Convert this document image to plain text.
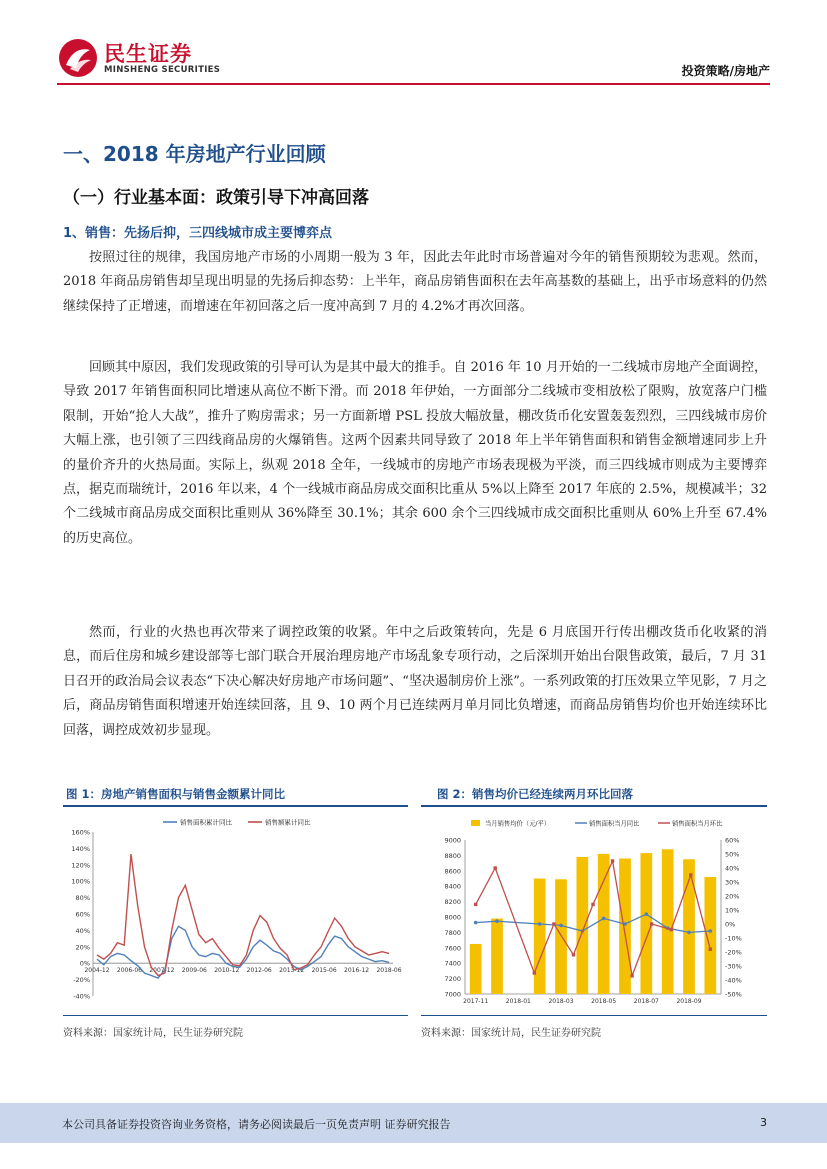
民生证券
MINSHENG SECURITIES	投资策略/房地产
一、2018 年房地产行业回顾
（一）行业基本面：政策引导下冲高回落
1、销售：先扬后抑，三四线城市成主要博弈点

按照过往的规律，我国房地产市场的小周期一般为 3 年，因此去年此时市场普遍对今年的销售预期较为悲观。然而，2018 年商品房销售却呈现出明显的先扬后抑态势：上半年，商品房销售面积在去年高基数的基础上，出乎市场意料的仍然继续保持了正增速，而增速在年初回落之后一度冲高到 7 月的 4.2%才再次回落。

回顾其中原因，我们发现政策的引导可认为是其中最大的推手。自 2016 年 10 月开始的一二线城市房地产全面调控，导致 2017 年销售面积同比增速从高位不断下滑。而 2018 年伊始，一方面部分二线城市变相放松了限购，放宽落户门槛限制，开始“抢人大战”，推升了购房需求；另一方面新增 PSL 投放大幅放量，棚改货币化安置轰轰烈烈，三四线城市房价大幅上涨，也引领了三四线商品房的火爆销售。这两个因素共同导致了 2018 年上半年销售面积和销售金额增速同步上升的量价齐升的火热局面。实际上，纵观 2018 全年，一线城市的房地产市场表现极为平淡，而三四线城市则成为主要博弈点，据克而瑞统计，2016 年以来，4 个一线城市商品房成交面积比重从 5%以上降至 2017 年底的 2.5%，规模减半；32 个二线城市商品房成交面积比重则从 36%降至 30.1%；其余 600 余个三四线城市成交面积比重则从 60%上升至 67.4%的历史高位。

然而，行业的火热也再次带来了调控政策的收紧。年中之后政策转向，先是 6 月底国开行传出棚改货币化收紧的消息，而后住房和城乡建设部等七部门联合开展治理房地产市场乱象专项行动，之后深圳开始出台限售政策，最后，7 月 31 日召开的政治局会议表态“下决心解决好房地产市场问题”、“坚决遏制房价上涨”。一系列政策的打压效果立竿见影，7 月之后，商品房销售面积增速开始连续回落，且 9、10 两个月已连续两月单月同比负增速，而商品房销售均价也开始连续环比回落，调控成效初步显现。

图 1：房地产销售面积与销售金额累计同比
-40%
-20%
0%
20%
40%
60%
80%
100%
120%
140%
160%
2004-12 2006-06 2007-12 2009-06 2010-12 2012-06 2013-12 2015-06 2016-12 2018-06
销售面积累计同比	销售额累计同比
资料来源：国家统计局，民生证券研究院
图 2：销售均价已经连续两月环比回落
7000
7200
7400
7600
7800
8000
8200
8400
8600
8800
9000
-50%
-40%
-30%
-20%
-10%
0%
10%
20%
30%
40%
50%
60%
2017-11	2018-01	2018-03	2018-05	2018-07	2018-09
当月销售均价（元/平）	销售面积当月同比	销售面积当月环比
资料来源：国家统计局，民生证券研究院
本公司具备证券投资咨询业务资格，请务必阅读最后一页免责声明 证券研究报告	3
